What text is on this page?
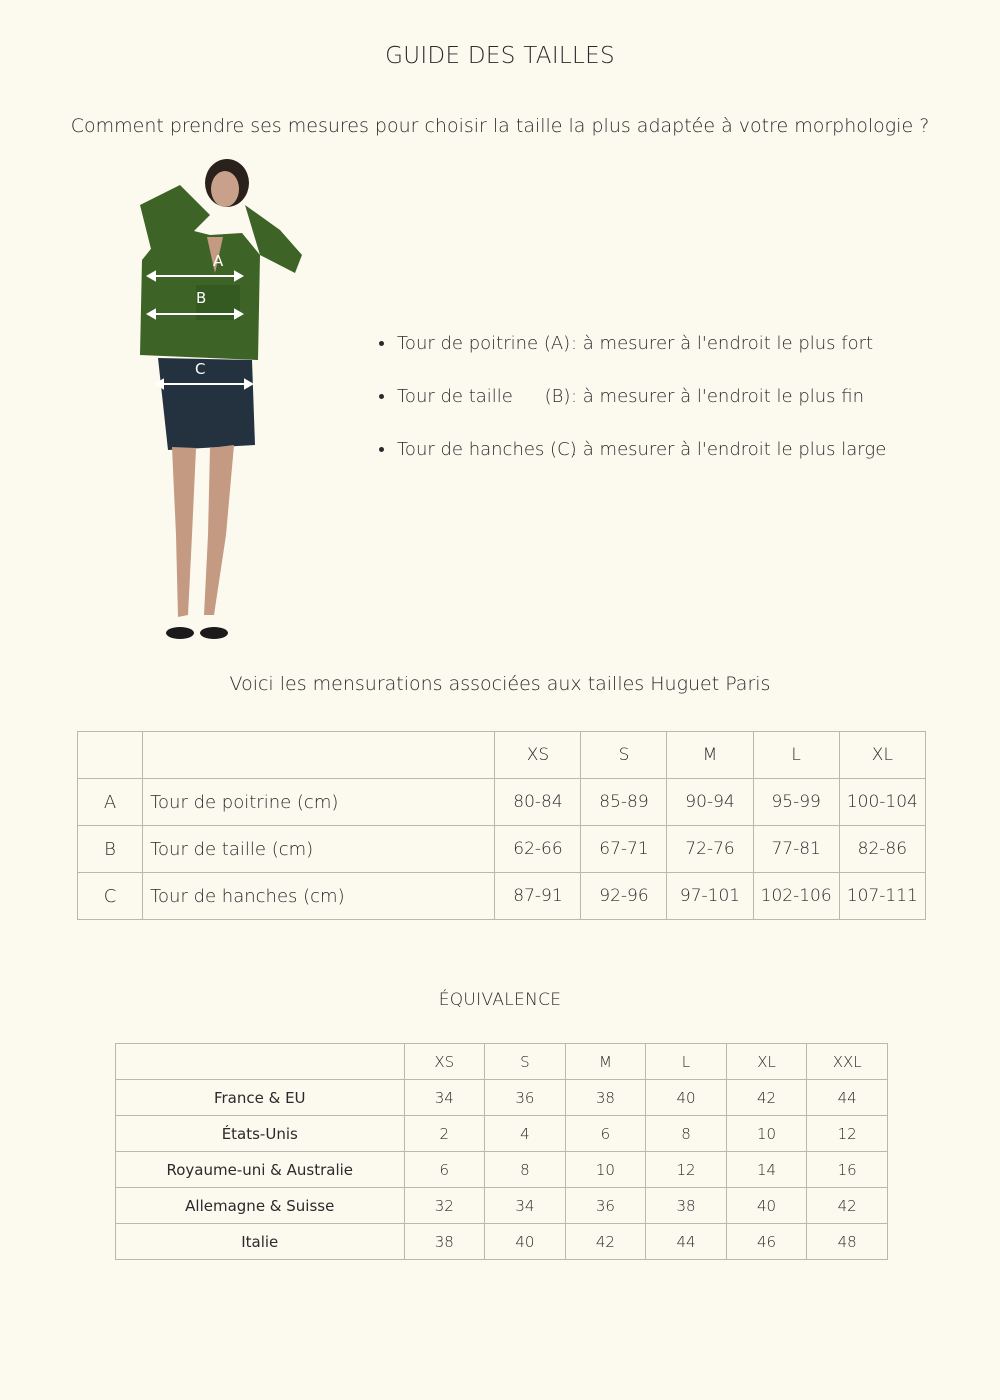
GUIDE DES TAILLES
Comment prendre ses mesures pour choisir la taille la plus adaptée à votre morphologie ?
A
B
C
Tour de poitrine (A) : à mesurer à l'endroit le plus fort
Tour de taille (B) : à mesurer à l'endroit le plus fin
Tour de hanches (C)
: à mesurer à l'endroit le plus large
Voici les mensurations associées aux tailles Huguet Paris
		XS	S	M	L	XL
A	Tour de poitrine (cm)	80-84	85-89	90-94	95-99	100-104
B	Tour de taille (cm)	62-66	67-71	72-76	77-81	82-86
C	Tour de hanches (cm)	87-91	92-96	97-101	102-106	107-111
ÉQUIVALENCE
	XS	S	M	L	XL	XXL
France & EU	34	36	38	40	42	44
États-Unis	2	4	6	8	10	12
Royaume-uni & Australie	6	8	10	12	14	16
Allemagne & Suisse	32	34	36	38	40	42
Italie	38	40	42	44	46	48
